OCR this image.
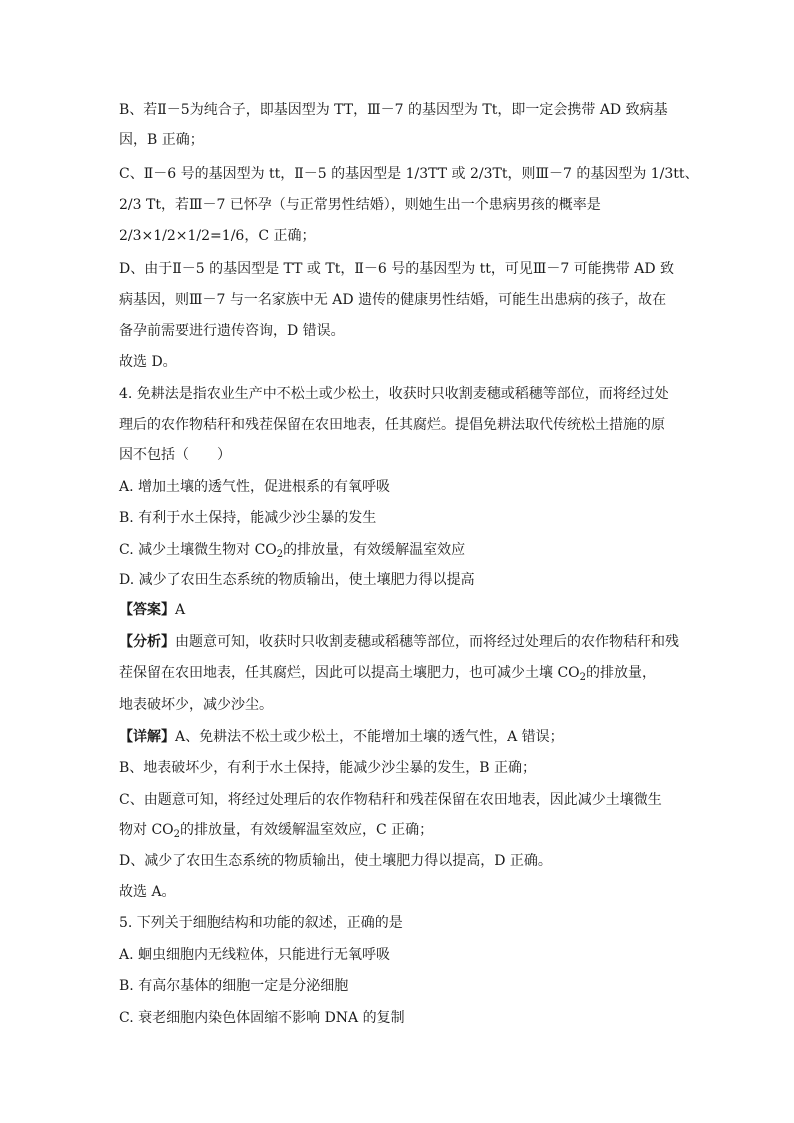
B、若Ⅱ－5为纯合子，即基因型为 TT，Ⅲ－7 的基因型为 Tt，即一定会携带 AD 致病基
因，B 正确；
C、Ⅱ－6 号的基因型为 tt，Ⅱ－5 的基因型是 1/3TT 或 2/3Tt，则Ⅲ－7 的基因型为 1/3tt、
2/3 Tt，若Ⅲ－7 已怀孕（与正常男性结婚），则她生出一个患病男孩的概率是
2/3×1/2×1/2=1/6，C 正确；
D、由于Ⅱ－5 的基因型是 TT 或 Tt，Ⅱ－6 号的基因型为 tt，可见Ⅲ－7 可能携带 AD 致
病基因，则Ⅲ－7 与一名家族中无 AD 遗传的健康男性结婚，可能生出患病的孩子，故在
备孕前需要进行遗传咨询，D 错误。
故选 D。
4. 免耕法是指农业生产中不松土或少松土，收获时只收割麦穗或稻穗等部位，而将经过处
理后的农作物秸秆和残茬保留在农田地表，任其腐烂。提倡免耕法取代传统松土措施的原
因不包括（　　）
A. 增加土壤的透气性，促进根系的有氧呼吸
B. 有利于水土保持，能减少沙尘暴的发生
C. 减少土壤微生物对 $CO_2$的排放量，有效缓解温室效应
D. 减少了农田生态系统的物质输出，使土壤肥力得以提高
【答案】A
【分析】由题意可知，收获时只收割麦穗或稻穗等部位，而将经过处理后的农作物秸秆和残
茬保留在农田地表，任其腐烂，因此可以提高土壤肥力，也可减少土壤 $CO_2$的排放量，
地表破坏少，减少沙尘。
【详解】A、免耕法不松土或少松土，不能增加土壤的透气性，A 错误；
B、地表破坏少，有利于水土保持，能减少沙尘暴的发生，B 正确；
C、由题意可知，将经过处理后的农作物秸秆和残茬保留在农田地表，因此减少土壤微生
物对 $CO_2$的排放量，有效缓解温室效应，C 正确；
D、减少了农田生态系统的物质输出，使土壤肥力得以提高，D 正确。
故选 A。
5. 下列关于细胞结构和功能的叙述，正确的是
A. 蛔虫细胞内无线粒体，只能进行无氧呼吸
B. 有高尔基体的细胞一定是分泌细胞
C. 衰老细胞内染色体固缩不影响 DNA 的复制
